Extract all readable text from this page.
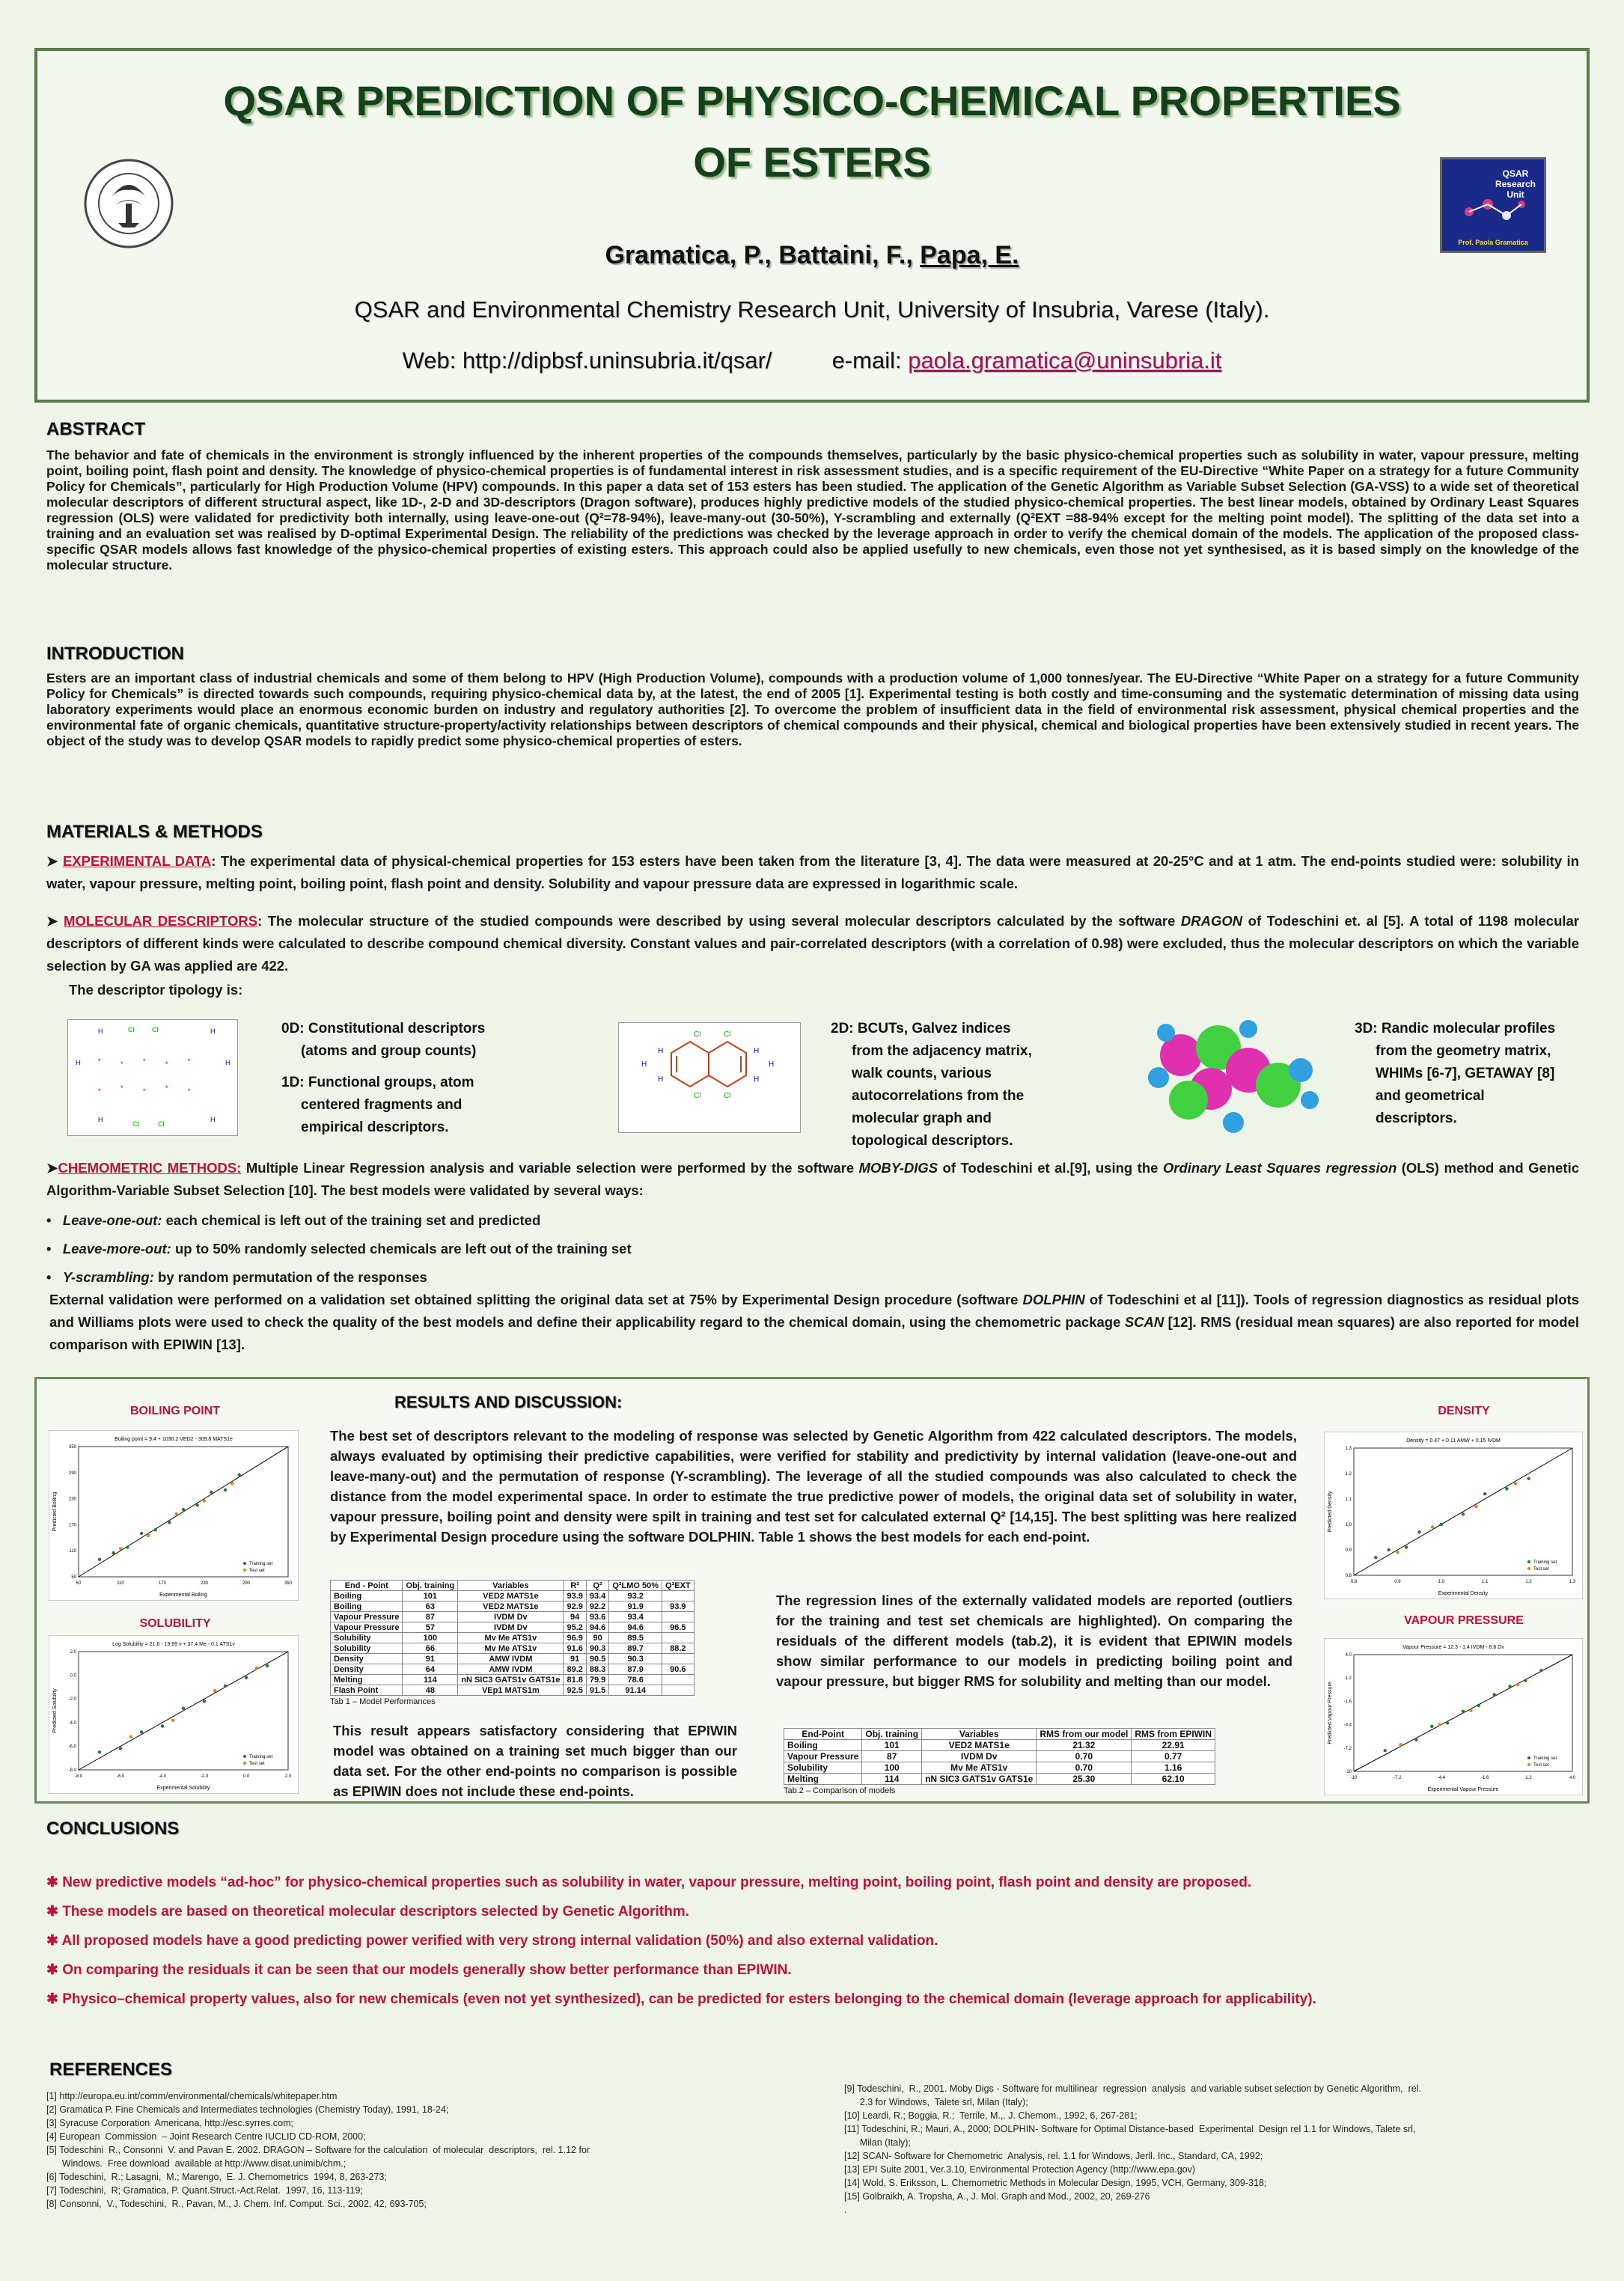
QSAR PREDICTION OF PHYSICO-CHEMICAL PROPERTIES
OF ESTERS
Gramatica, P., Battaini, F., Papa, E.
QSAR and Environmental Chemistry Research Unit, University of Insubria, Varese (Italy).
Web: http://dipbsf.uninsubria.it/qsar/	e-mail: paola.gramatica@uninsubria.it
QSAR Research Unit
Prof. Paola Gramatica
ABSTRACT
The behavior and fate of chemicals in the environment is strongly influenced by the inherent properties of the compounds themselves, particularly by the basic physico-chemical properties such as solubility in water, vapour pressure, melting point, boiling point, flash point and density. The knowledge of physico-chemical properties is of fundamental interest in risk assessment studies, and is a specific requirement of the EU-Directive “White Paper on a strategy for a future Community Policy for Chemicals”, particularly for High Production Volume (HPV) compounds. In this paper a data set of 153 esters has been studied. The application of the Genetic Algorithm as Variable Subset Selection (GA-VSS) to a wide set of theoretical molecular descriptors of different structural aspect, like 1D-, 2-D and 3D-descriptors (Dragon software), produces highly predictive models of the studied physico-chemical properties. The best linear models, obtained by Ordinary Least Squares regression (OLS) were validated for predictivity both internally, using leave-one-out (Q²=78-94%), leave-many-out (30-50%), Y-scrambling and externally (Q²EXT =88-94% except for the melting point model). The splitting of the data set into a training and an evaluation set was realised by D-optimal Experimental Design. The reliability of the predictions was checked by the leverage approach in order to verify the chemical domain of the models. The application of the proposed class-specific QSAR models allows fast knowledge of the physico-chemical properties of existing esters. This approach could also be applied usefully to new chemicals, even those not yet synthesised, as it is based simply on the knowledge of the molecular structure.
INTRODUCTION
Esters are an important class of industrial chemicals and some of them belong to HPV (High Production Volume), compounds with a production volume of 1,000 tonnes/year. The EU-Directive “White Paper on a strategy for a future Community Policy for Chemicals” is directed towards such compounds, requiring physico-chemical data by, at the latest, the end of 2005 [1]. Experimental testing is both costly and time-consuming and the systematic determination of missing data using laboratory experiments would place an enormous economic burden on industry and regulatory authorities [2]. To overcome the problem of insufficient data in the field of environmental risk assessment, physical chemical properties and the environmental fate of organic chemicals, quantitative structure-property/activity relationships between descriptors of chemical compounds and their physical, chemical and biological properties have been extensively studied in recent years. The object of the study was to develop QSAR models to rapidly predict some physico-chemical properties of esters.
MATERIALS & METHODS
➤ EXPERIMENTAL DATA: The experimental data of physical-chemical properties for 153 esters have been taken from the literature [3, 4]. The data were measured at 20-25°C and at 1 atm. The end-points studied were: solubility in water, vapour pressure, melting point, boiling point, flash point and density. Solubility and vapour pressure data are expressed in logarithmic scale.
➤ MOLECULAR DESCRIPTORS: The molecular structure of the studied compounds were described by using several molecular descriptors calculated by the software DRAGON of Todeschini et. al [5]. A total of 1198 molecular descriptors of different kinds were calculated to describe compound chemical diversity. Constant values and pair-correlated descriptors (with a correlation of 0.98) were excluded, thus the molecular descriptors on which the variable selection by GA was applied are 422.
The descriptor tipology is:
H	Cl	Cl	H
H	H
*	*	*	*	*
*	*	*	*	*
H
Cl	Cl
H
0D: Constitutional descriptors
(atoms and group counts)
1D: Functional groups, atom
centered fragments and
empirical descriptors.
Cl	Cl
Cl	Cl
H	H
H	H
H	H
2D: BCUTs, Galvez indices
from the adjacency matrix,
walk counts, various
autocorrelations from the
molecular graph and
topological descriptors.
3D: Randic molecular profiles
from the geometry matrix,
WHIMs [6-7], GETAWAY [8]
and geometrical
descriptors.
➤CHEMOMETRIC METHODS: Multiple Linear Regression analysis and variable selection were performed by the software MOBY-DIGS of Todeschini et al.[9], using the Ordinary Least Squares regression (OLS) method and Genetic Algorithm-Variable Subset Selection [10]. The best models were validated by several ways:
•   Leave-one-out: each chemical is left out of the training set and predicted
•   Leave-more-out: up to 50% randomly selected chemicals are left out of the training set
•   Y-scrambling: by random permutation of the responses
External validation were performed on a validation set obtained splitting the original data set at 75% by Experimental Design procedure (software DOLPHIN of Todeschini et al [11]). Tools of regression diagnostics as residual plots and Williams plots were used to check the quality of the best models and define their applicability regard to the chemical domain, using the chemometric package SCAN [12]. RMS (residual mean squares) are also reported for model comparison with EPIWIN [13].
RESULTS AND DISCUSSION:
BOILING POINT
SOLUBILITY
DENSITY
VAPOUR PRESSURE
Boiling point = 9.4 + 1030.2 VED2 - 309.8 MATS1e
Experimental Boiling
Predicted Boiling
50
50
110
110
170
170
230
230
290
290
350
350
Training set
Test set
Log Solubility = 21.6 - 19.99 v + 37.4 Me - 0.1 ATS1v
Experimental Solubility
Predicted Solubility
-8.0
-8.0
-6.0
-6.0
-4.0
-4.0
-2.0
-2.0
0.0
0.0
2.0
2.0
Training set
Test set
Density = 0.47 + 0.11 AMW + 0.15 IVDM
Experimental Density
Predicted Density
0.8
0.8
0.9
0.9
1.0
1.0
1.1
1.1
1.2
1.2
1.3
1.3
Training set
Test set
Vapour Pressure = 12.3 - 1.4 IVDM - 8.6 Dv
Experimental Vapour Pressure
Predicted Vapour Pressure
-10
-10
-7.2
-7.2
-4.4
-4.4
-1.6
-1.6
1.2
1.2
4.0
4.0
Training set
Test set
The best set of descriptors relevant to the modeling of response was selected by Genetic Algorithm from 422 calculated descriptors. The models, always evaluated by optimising their predictive capabilities, were verified for stability and predictivity by internal validation (leave-one-out and leave-many-out) and the permutation of response (Y-scrambling). The leverage of all the studied compounds was also calculated to check the distance from the model experimental space. In order to estimate the true predictive power of models, the original data set of solubility in water, vapour pressure, boiling point and density were spilt in training and test set for calculated external Q² [14,15]. The best splitting was here realized by Experimental Design procedure using the software DOLPHIN. Table 1 shows the best models for each end-point.
End - Point	Obj. training	Variables	R²	Q²	Q²LMO 50%	Q²EXT
Boiling	101	VED2 MATS1e	93.9	93.4	93.2	
Boiling	63	VED2 MATS1e	92.9	92.2	91.9	93.9
Vapour Pressure	87	IVDM Dv	94	93.6	93.4	
Vapour Pressure	57	IVDM Dv	95.2	94.6	94.6	96.5
Solubility	100	Mv Me ATS1v	96.9	90	89.5	
Solubility	66	Mv Me ATS1v	91.6	90.3	89.7	88.2
Density	91	AMW IVDM	91	90.5	90.3	
Density	64	AMW IVDM	89.2	88.3	87.9	90.6
Melting	114	nN SIC3 GATS1v GATS1e	81.8	79.9	78.6	
Flash Point	48	VEp1 MATS1m	92.5	91.5	91.14	
Tab 1 – Model Performances
This result appears satisfactory considering that EPIWIN model was obtained on a training set much bigger than our data set. For the other end-points no comparison is possible as EPIWIN does not include these end-points.
The regression lines of the externally validated models are reported (outliers for the training and test set chemicals are highlighted). On comparing the residuals of the different models (tab.2), it is evident that EPIWIN models show similar performance to our models in predicting boiling point and vapour pressure, but bigger RMS for solubility and melting than our model.
End-Point	Obj. training	Variables	RMS from our model	RMS from EPIWIN
Boiling	101	VED2 MATS1e	21.32	22.91
Vapour Pressure	87	IVDM Dv	0.70	0.77
Solubility	100	Mv Me ATS1v	0.70	1.16
Melting	114	nN SIC3 GATS1v GATS1e	25.30	62.10
Tab.2 – Comparison of models
CONCLUSIONS
✱ New predictive models “ad-hoc” for physico-chemical properties such as solubility in water, vapour pressure, melting point, boiling point, flash point and density are proposed.
✱ These models are based on theoretical molecular descriptors selected by Genetic Algorithm.
✱ All proposed models have a good predicting power verified with very strong internal validation (50%) and also external validation.
✱ On comparing the residuals it can be seen that our models generally show better performance than EPIWIN.
✱ Physico–chemical property values, also for new chemicals (even not yet synthesized), can be predicted for esters belonging to the chemical domain (leverage approach for applicability).
REFERENCES
[1] http://europa.eu.int/comm/environmental/chemicals/whitepaper.htm
[2] Gramatica P. Fine Chemicals and Intermediates technologies (Chemistry Today), 1991, 18-24;
[3] Syracuse Corporation  Americana, http://esc.syrres.com;
[4] European  Commission  – Joint Research Centre IUCLID CD-ROM, 2000;
[5] Todeschini  R., Consonni  V. and Pavan E. 2002. DRAGON – Software for the calculation  of molecular  descriptors,  rel. 1.12 for
Windows.  Free download  available at http://www.disat.unimib/chm.;
[6] Todeschini,  R.; Lasagni,  M.; Marengo,  E. J. Chemometrics  1994, 8, 263-273;
[7] Todeschini,  R; Gramatica, P. Quant.Struct.-Act.Relat.  1997, 16, 113-119;
[8] Consonni,  V., Todeschini,  R., Pavan, M., J. Chem. Inf. Comput. Sci., 2002, 42, 693-705;
[9] Todeschini,  R., 2001. Moby Digs - Software for multilinear  regression  analysis  and variable subset selection by Genetic Algorithm,  rel.
2.3 for Windows,  Talete srl, Milan (Italy);
[10] Leardi, R.; Boggia, R.;  Terrile, M.,. J. Chemom., 1992, 6, 267-281;
[11] Todeschini, R.; Mauri, A., 2000; DOLPHIN- Software for Optimal Distance-based  Experimental  Design rel 1.1 for Windows, Talete srl,
Milan (Italy);
[12] SCAN- Software for Chemometric  Analysis, rel. 1.1 for Windows, Jerll. Inc., Standard, CA, 1992;
[13] EPI Suite 2001, Ver.3.10, Environmental Protection Agency (http://www.epa.gov)
[14] Wold, S. Eriksson, L. Chemometric Methods in Molecular Design, 1995, VCH, Germany, 309-318;
[15] Golbraikh, A. Tropsha, A., J. Mol. Graph and Mod., 2002, 20, 269-276
.
